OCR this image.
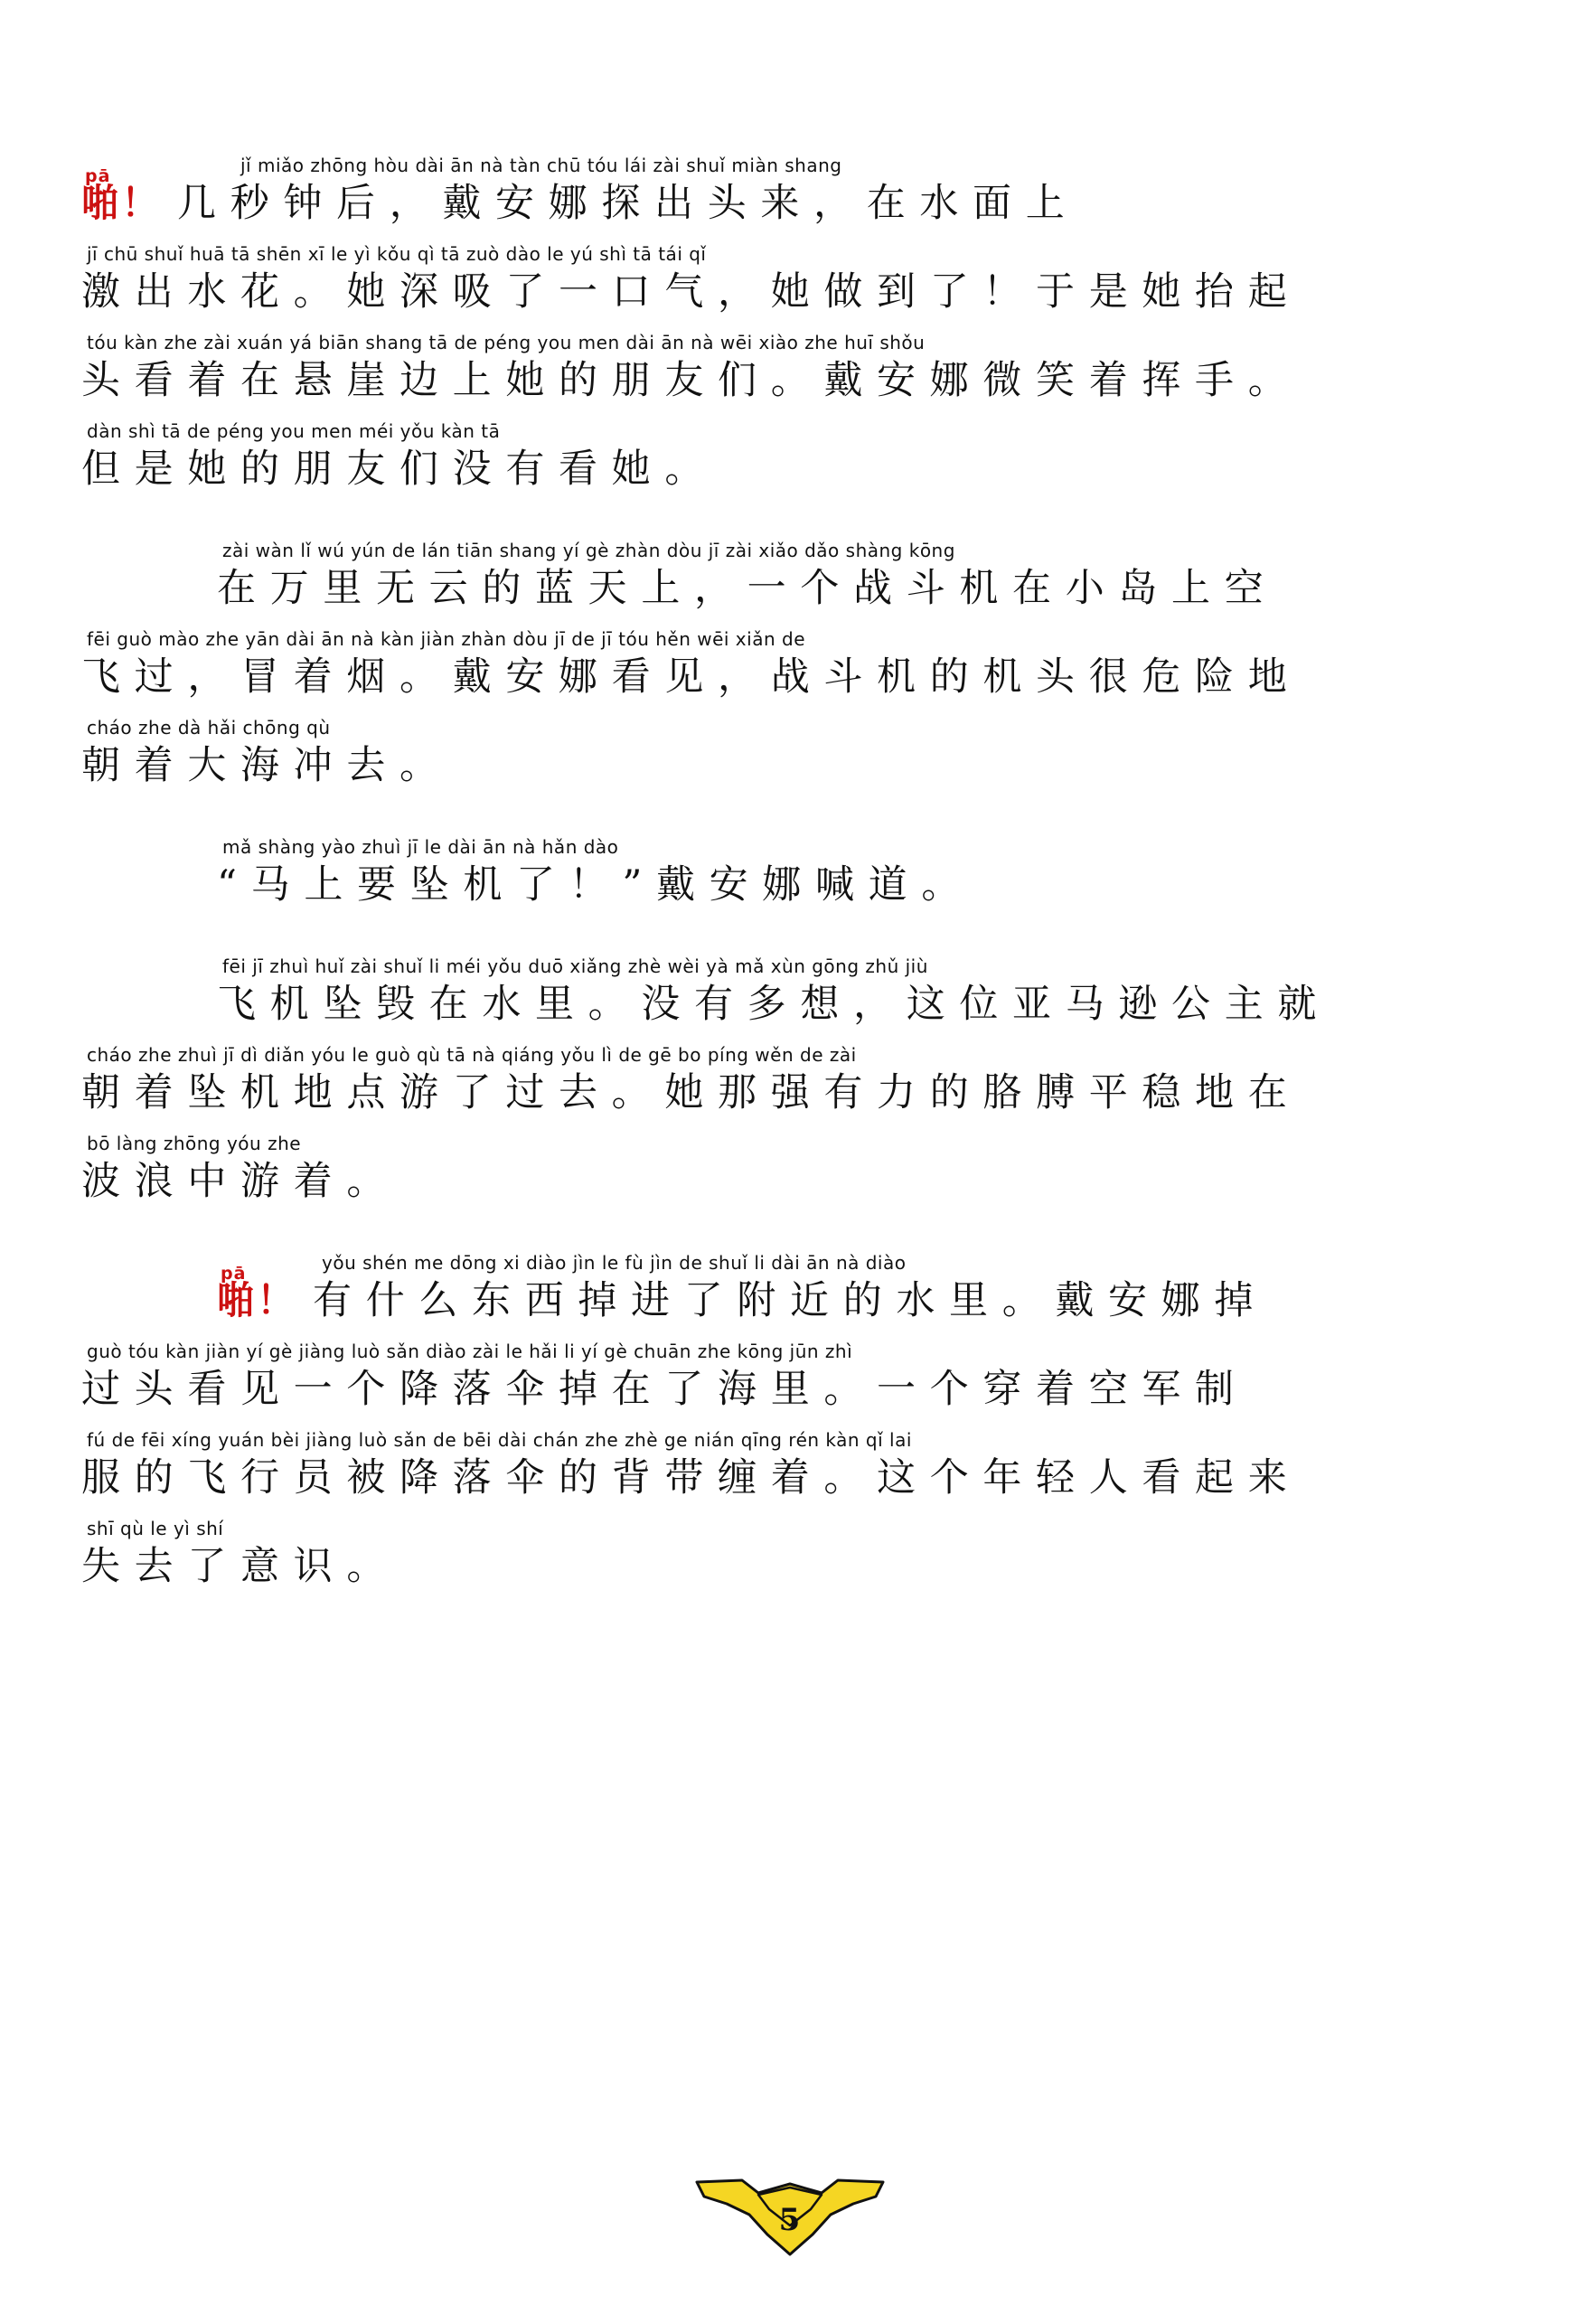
jǐ miǎo zhōng hòu dài ān nà tàn chū tóu lái zài shuǐ miàn shang
pā
啪！ 几 秒 钟 后 ， 戴 安 娜 探 出 头 来 ， 在 水 面 上
jī chū shuǐ huā tā shēn xī le yì kǒu qì tā zuò dào le yú shì tā tái qǐ
激 出 水 花 。 她 深 吸 了 一 口 气 ， 她 做 到 了 ！ 于 是 她 抬 起
tóu kàn zhe zài xuán yá biān shang tā de péng you men dài ān nà wēi xiào zhe huī shǒu
头 看 着 在 悬 崖 边 上 她 的 朋 友 们 。 戴 安 娜 微 笑 着 挥 手 。
dàn shì tā de péng you men méi yǒu kàn tā
但 是 她 的 朋 友 们 没 有 看 她 。
zài wàn lǐ wú yún de lán tiān shang yí gè zhàn dòu jī zài xiǎo dǎo shàng kōng
在 万 里 无 云 的 蓝 天 上 ， 一 个 战 斗 机 在 小 岛 上 空
fēi guò mào zhe yān dài ān nà kàn jiàn zhàn dòu jī de jī tóu hěn wēi xiǎn de
飞 过 ， 冒 着 烟 。 戴 安 娜 看 见 ， 战 斗 机 的 机 头 很 危 险 地
cháo zhe dà hǎi chōng qù
朝 着 大 海 冲 去 。
mǎ shàng yào zhuì jī le dài ān nà hǎn dào
“ 马 上 要 坠 机 了 ！ ” 戴 安 娜 喊 道 。
fēi jī zhuì huǐ zài shuǐ li méi yǒu duō xiǎng zhè wèi yà mǎ xùn gōng zhǔ jiù
飞 机 坠 毁 在 水 里 。 没 有 多 想 ， 这 位 亚 马 逊 公 主 就
cháo zhe zhuì jī dì diǎn yóu le guò qù tā nà qiáng yǒu lì de gē bo píng wěn de zài
朝 着 坠 机 地 点 游 了 过 去 。 她 那 强 有 力 的 胳 膊 平 稳 地 在
bō làng zhōng yóu zhe
波 浪 中 游 着 。
yǒu shén me dōng xi diào jìn le fù jìn de shuǐ li dài ān nà diào
pā
啪！ 有 什 么 东 西 掉 进 了 附 近 的 水 里 。 戴 安 娜 掉
guò tóu kàn jiàn yí gè jiàng luò sǎn diào zài le hǎi li yí gè chuān zhe kōng jūn zhì
过 头 看 见 一 个 降 落 伞 掉 在 了 海 里 。 一 个 穿 着 空 军 制
fú de fēi xíng yuán bèi jiàng luò sǎn de bēi dài chán zhe zhè ge nián qīng rén kàn qǐ lai
服 的 飞 行 员 被 降 落 伞 的 背 带 缠 着 。 这 个 年 轻 人 看 起 来
shī qù le yì shí
失 去 了 意 识 。
5
